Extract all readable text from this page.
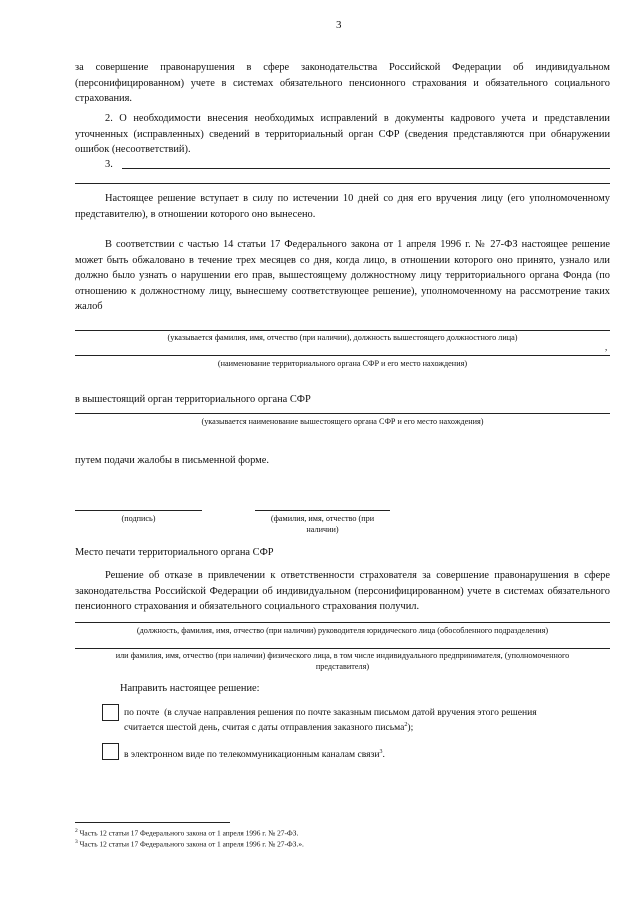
3
за совершение правонарушения в сфере законодательства Российской Федерации об индивидуальном (персонифицированном) учете в системах обязательного пенсионного страхования и обязательного социального страхования.
2. О необходимости внесения необходимых исправлений в документы кадрового учета и представлении уточненных (исправленных) сведений в территориальный орган СФР (сведения представляются при обнаружении ошибок (несоответствий).
3.
Настоящее решение вступает в силу по истечении 10 дней со дня его вручения лицу (его уполномоченному представителю), в отношении которого оно вынесено.
В соответствии с частью 14 статьи 17 Федерального закона от 1 апреля 1996 г. № 27-ФЗ настоящее решение может быть обжаловано в течение трех месяцев со дня, когда лицо, в отношении которого оно принято, узнало или должно было узнать о нарушении его прав, вышестоящему должностному лицу территориального органа Фонда (по отношению к должностному лицу, вынесшему соответствующее решение), уполномоченному на рассмотрение таких жалоб
(указывается фамилия, имя, отчество (при наличии), должность вышестоящего должностного лица)
,
(наименование территориального органа СФР и его место нахождения)
в вышестоящий орган территориального органа СФР
(указывается наименование вышестоящего органа СФР и его место нахождения)
путем подачи жалобы в письменной форме.
(подпись)	(фамилия, имя, отчество (при наличии)
Место печати территориального органа СФР
Решение об отказе в привлечении к ответственности страхователя за совершение правонарушения в сфере законодательства Российской Федерации об индивидуальном (персонифицированном) учете в системах обязательного пенсионного страхования и обязательного социального страхования получил.
(должность, фамилия, имя, отчество (при наличии) руководителя юридического лица (обособленного подразделения)
или фамилия, имя, отчество (при наличии) физического лица, в том числе индивидуального предпринимателя, (уполномоченного представителя)
Направить настоящее решение:
по почте (в случае направления решения по почте заказным письмом датой вручения этого решения считается шестой день, считая с даты отправления заказного письма$^2$);
в электронном виде по телекоммуникационным каналам связи$^3$.
$^2$ Часть 12 статьи 17 Федерального закона от 1 апреля 1996 г. № 27-ФЗ.
$^3$ Часть 12 статьи 17 Федерального закона от 1 апреля 1996 г. № 27-ФЗ.».
